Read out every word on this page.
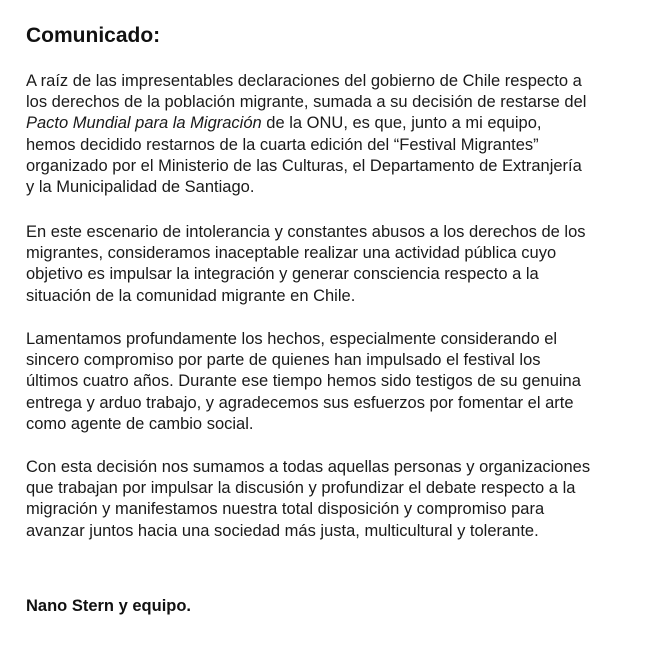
Comunicado:

A raíz de las impresentables declaraciones del gobierno de Chile respecto a
los derechos de la población migrante, sumada a su decisión de restarse del
Pacto Mundial para la Migración de la ONU, es que, junto a mi equipo,
hemos decidido restarnos de la cuarta edición del “Festival Migrantes”
organizado por el Ministerio de las Culturas, el Departamento de Extranjería
y la Municipalidad de Santiago.

En este escenario de intolerancia y constantes abusos a los derechos de los
migrantes, consideramos inaceptable realizar una actividad pública cuyo
objetivo es impulsar la integración y generar consciencia respecto a la
situación de la comunidad migrante en Chile.

Lamentamos profundamente los hechos, especialmente considerando el
sincero compromiso por parte de quienes han impulsado el festival los
últimos cuatro años. Durante ese tiempo hemos sido testigos de su genuina
entrega y arduo trabajo, y agradecemos sus esfuerzos por fomentar el arte
como agente de cambio social.

Con esta decisión nos sumamos a todas aquellas personas y organizaciones
que trabajan por impulsar la discusión y profundizar el debate respecto a la
migración y manifestamos nuestra total disposición y compromiso para
avanzar juntos hacia una sociedad más justa, multicultural y tolerante.

Nano Stern y equipo.
